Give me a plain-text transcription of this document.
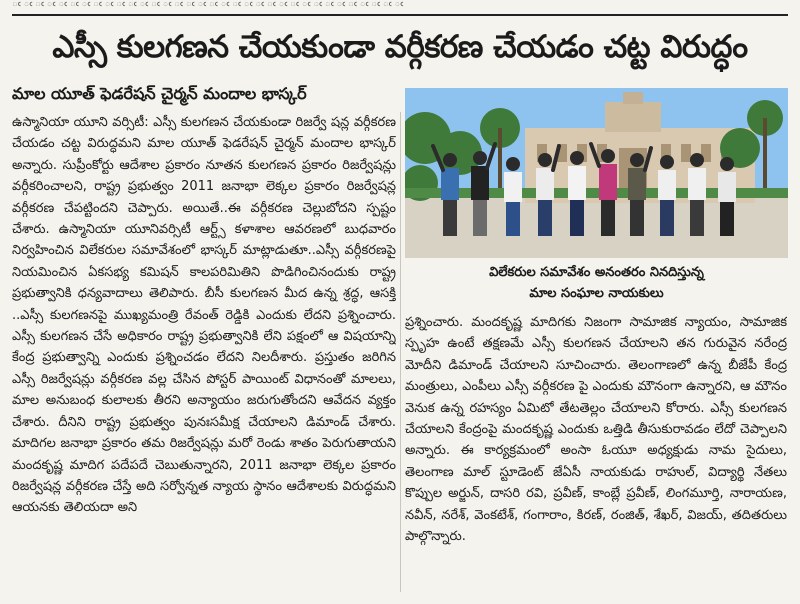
ఁ ఁ ఁ ఁ ఁ ఁ ఁ ఁ ఁ ఁ ఁ ఁ ఁ ఁ ఁ ఁ ఁ ఁ ఁ ఁ ఁ ఁ ఁ ఁ ఁ ఁ ఁ ఁ ఁ ఁ ఁ ఁ ఁ ఁ
ఎస్సీ కులగణన చేయకుండా వర్గీకరణ చేయడం చట్ట విరుద్ధం
మాల యూత్ ఫెడరేషన్ చైర్మన్ మందాల భాస్కర్
ఉస్మానియా యూని వర్సిటీ: ఎస్సీ కులగణన చేయకుండా రిజర్వే షన్ల వర్గీకరణ చేయడం చట్ట విరుద్ధమని మాల యూత్ ఫెడరేషన్ చైర్మన్ మందాల భాస్కర్ అన్నారు. సుప్రీంకోర్టు ఆదేశాల ప్రకారం నూతన కులగణన ప్రకారం రిజర్వేషన్లు వర్గీకరించాలని, రాష్ట్ర ప్రభుత్వం 2011 జనాభా లెక్కల ప్రకారం రిజర్వేషన్ల వర్గీకరణ చేపట్టిందని చెప్పారు. అయితే..ఈ వర్గీకరణ చెల్లుబోదని స్పష్టం చేశారు. ఉస్మానియా యూనివర్సిటీ ఆర్ట్స్ కళాశాల ఆవరణలో బుధవారం నిర్వహించిన విలేకరుల సమావేశంలో భాస్కర్ మాట్లాడుతూ..ఎస్సీ వర్గీకరణపై నియమించిన ఏకసభ్య కమిషన్ కాలపరిమితిని పొడిగించినందుకు రాష్ట్ర ప్రభుత్వానికి ధన్యవాదాలు తెలిపారు. బీసీ కులగణన మీద ఉన్న శ్రద్ధ, ఆసక్తి ..ఎస్సీ కులగణనపై ముఖ్యమంత్రి రేవంత్ రెడ్డికి ఎందుకు లేదని ప్రశ్నించారు. ఎస్సీ కులగణన చేసే అధికారం రాష్ట్ర ప్రభుత్వానికి లేని పక్షంలో ఆ విషయాన్ని కేంద్ర ప్రభుత్వాన్ని ఎందుకు ప్రశ్నించడం లేదని నిలదీశారు. ప్రస్తుతం జరిగిన ఎస్సీ రిజర్వేషన్లు వర్గీకరణ వల్ల చేసిన పోస్టర్ పాయింట్ విధానంతో మాలలు, మాల అనుబంధ కులాలకు తీరని అన్యాయం జరుగుతోందని ఆవేదన వ్యక్తం చేశారు. దీనిని రాష్ట్ర ప్రభుత్వం పునఃసమీక్ష చేయాలని డిమాండ్ చేశారు. మాదిగల జనాభా ప్రకారం తమ రిజర్వేషన్లు మరో రెండు శాతం పెరుగుతాయని మందకృష్ణ మాదిగ పదేపదే చెబుతున్నారని, 2011 జనాభా లెక్కల ప్రకారం రిజర్వేషన్ల వర్గీకరణ చేస్తే అది సర్వోన్నత న్యాయ స్థానం ఆదేశాలకు విరుద్ధమని ఆయనకు తెలియదా అని
విలేకరుల సమావేశం అనంతరం నినదిస్తున్న
మాల సంఘాల నాయకులు
ప్రశ్నించారు. మందకృష్ణ మాదిగకు నిజంగా సామాజిక న్యాయం, సామాజిక స్పృహ ఉంటే తక్షణమే ఎస్సీ కులగణన చేయాలని తన గురువైన నరేంద్ర మోదీని డిమాండ్ చేయాలని సూచించారు. తెలంగాణలో ఉన్న బీజేపీ కేంద్ర మంత్రులు, ఎంపీలు ఎస్సీ వర్గీకరణ పై ఎందుకు మౌనంగా ఉన్నారని, ఆ మౌనం వెనుక ఉన్న రహస్యం ఏమిటో తేటతెల్లం చేయాలని కోరారు. ఎస్సీ కులగణన చేయాలని కేంద్రంపై మందకృష్ణ ఎందుకు ఒత్తిడి తీసుకురావడం లేదో చెప్పాలని అన్నారు. ఈ కార్యక్రమంలో అంసా ఓయూ అధ్యక్షుడు నామ సైదులు, తెలంగాణ మాల్ స్టూడెంట్ జేఏసీ నాయకుడు రాహుల్, విద్యార్థి నేతలు కొప్పుల అర్జున్, దాసరి రవి, ప్రవీణ్, కాంబ్లే ప్రవీణ్, లింగమూర్తి, నారాయణ, నవీన్, నరేశ్, వెంకటేశ్, గంగారాం, కిరణ్, రంజిత్, శేఖర్, విజయ్, తదితరులు పాల్గొన్నారు.
